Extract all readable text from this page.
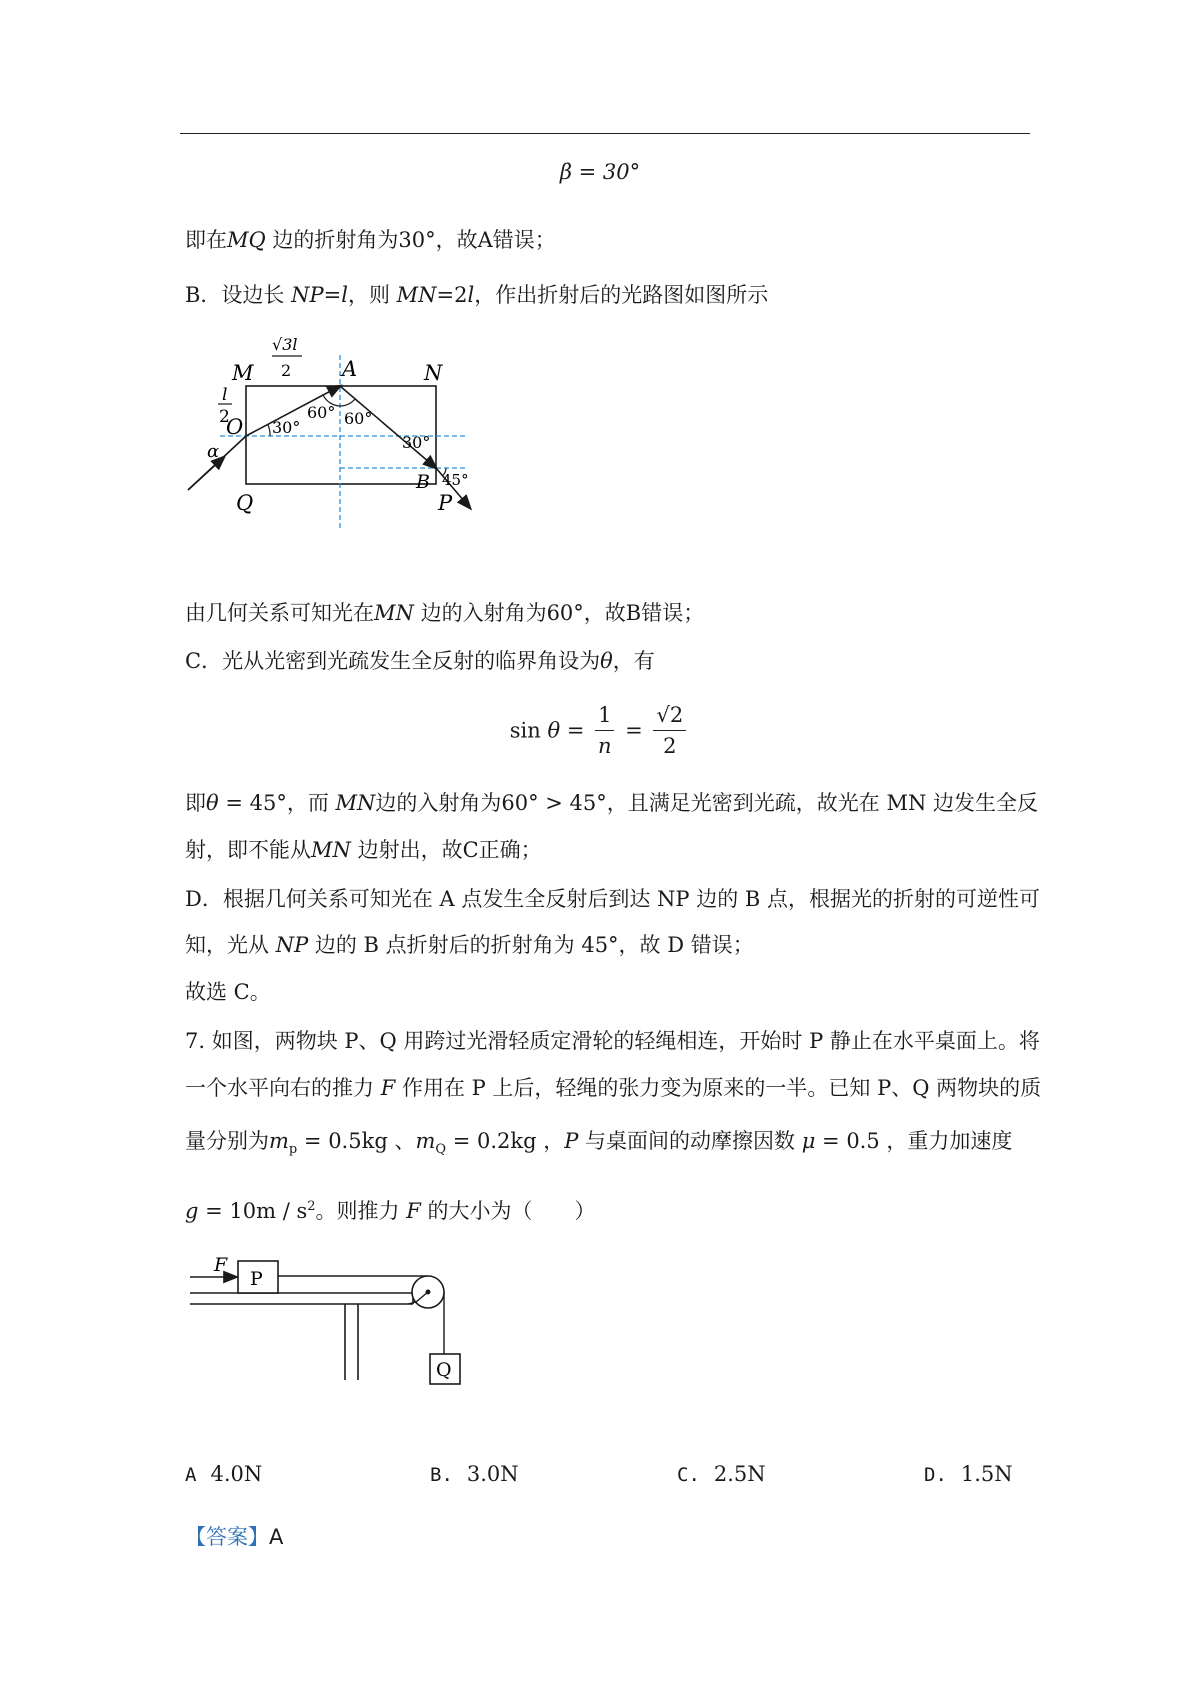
β = 30°
即在MQ 边的折射角为30°，故A错误；
B．设边长 NP=l，则 MN=2l，作出折射后的光路图如图所示
M	N
A
O
Q
B
P
α
l
2
√3l
2
30°
60° 60°
30°
45°
由几何关系可知光在MN 边的入射角为60°，故B错误；
C．光从光密到光疏发生全反射的临界角设为θ，有
$\sin \theta = \frac{1}{n} = \frac{√2}{2}$
即θ = 45°，而 MN边的入射角为60° > 45°，且满足光密到光疏，故光在 MN 边发生全反
射，即不能从MN 边射出，故C正确；
D．根据几何关系可知光在 A 点发生全反射后到达 NP 边的 B 点，根据光的折射的可逆性可
知，光从 NP 边的 B 点折射后的折射角为 45°，故 D 错误；
故选 C。
7. 如图，两物块 P、Q 用跨过光滑轻质定滑轮的轻绳相连，开始时 P 静止在水平桌面上。将
一个水平向右的推力 F 作用在 P 上后，轻绳的张力变为原来的一半。已知 P、Q 两物块的质
量分别为$m_p = 0.5kg$ 、$m_Q = 0.2kg$ ，P 与桌面间的动摩擦因数 μ = 0.5 ，重力加速度
$g = 10m / s^2$。则推力 F 的大小为（　　）
P
F
Q
A 4.0N	B. 3.0N	C. 2.5N	D. 1.5N
【答案】A
